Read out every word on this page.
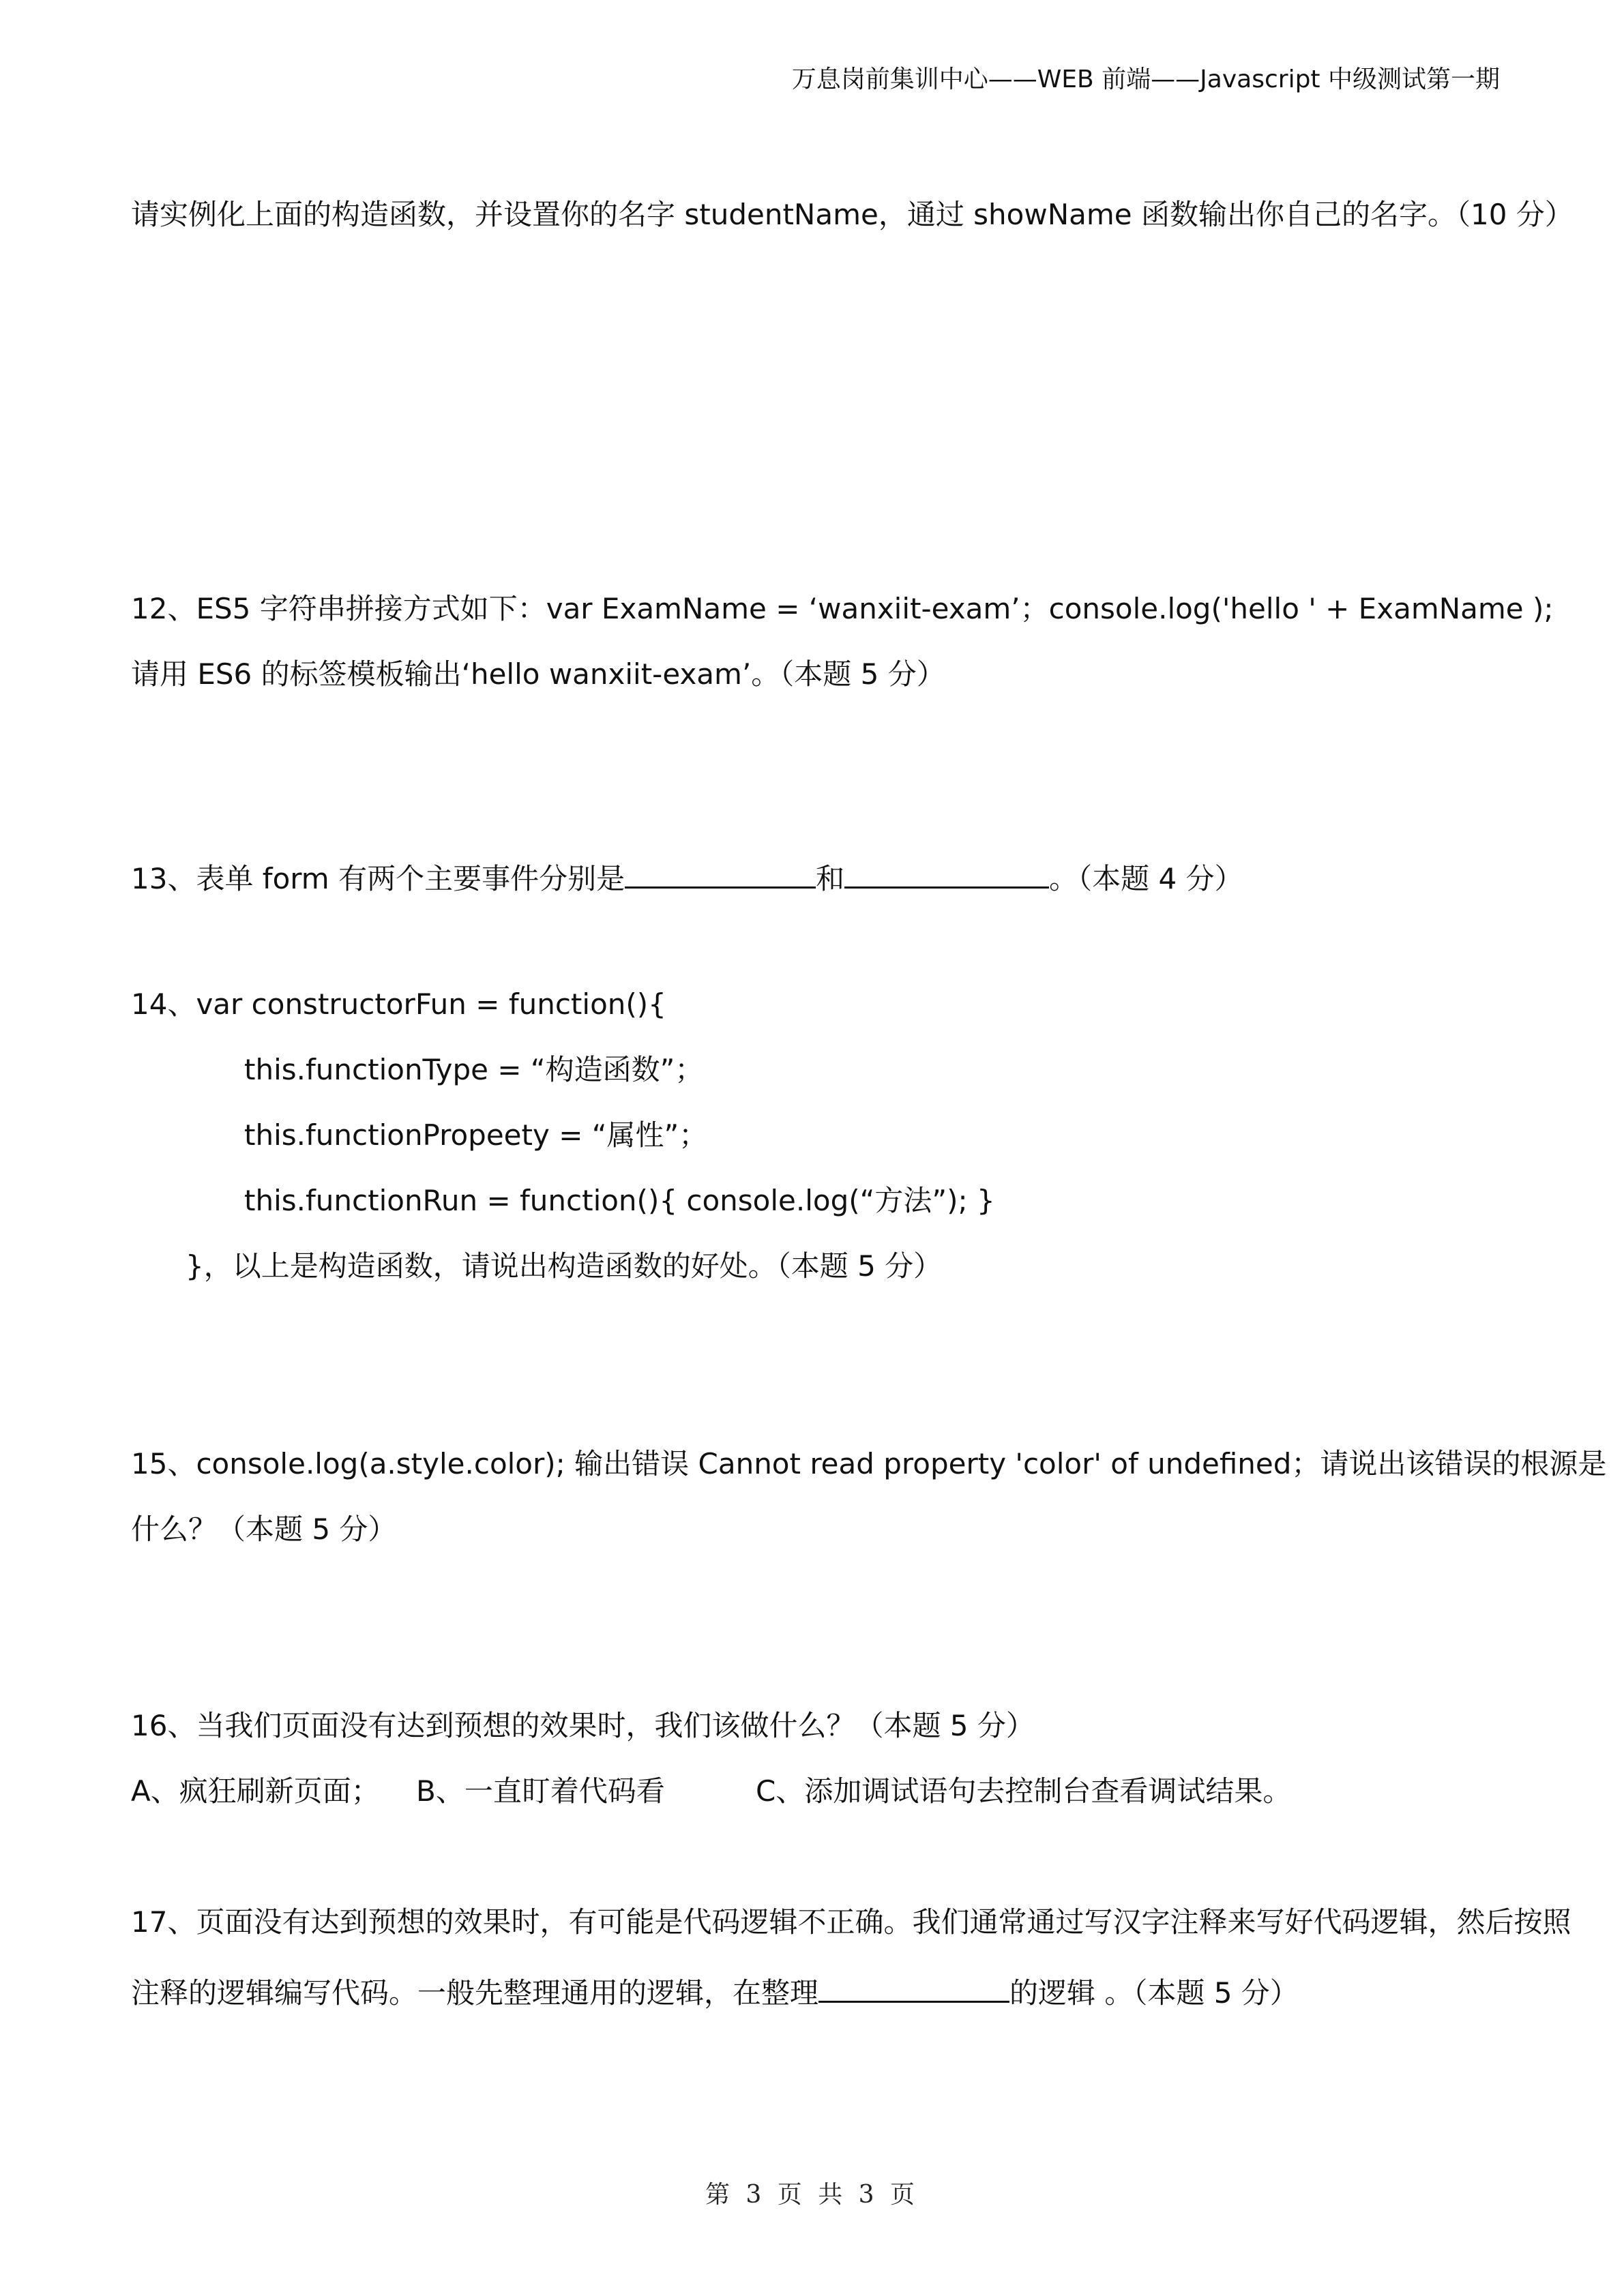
万息岗前集训中心——WEB 前端——Javascript 中级测试第一期
请实例化上面的构造函数，并设置你的名字 studentName，通过 showName 函数输出你自己的名字。（10 分）
12、ES5 字符串拼接方式如下：var ExamName = ‘wanxiit-exam’；console.log('hello ' + ExamName );
请用 ES6 的标签模板输出‘hello wanxiit-exam’。（本题 5 分）
13、表单 form 有两个主要事件分别是	和	。（本题 4 分）
14、var constructorFun = function(){
this.functionType = “构造函数”；
this.functionPropeety = “属性”；
this.functionRun = function(){ console.log(“方法”); }
}，以上是构造函数，请说出构造函数的好处。（本题 5 分）
15、console.log(a.style.color); 输出错误 Cannot read property 'color' of undefined；请说出该错误的根源是
什么？（本题 5 分）
16、当我们页面没有达到预想的效果时，我们该做什么？（本题 5 分）
A、疯狂刷新页面； B、一直盯着代码看	C、添加调试语句去控制台查看调试结果。
17、页面没有达到预想的效果时，有可能是代码逻辑不正确。我们通常通过写汉字注释来写好代码逻辑，然后按照
注释的逻辑编写代码。一般先整理通用的逻辑，在整理	的逻辑 。（本题 5 分）
第 3 页 共 3 页
